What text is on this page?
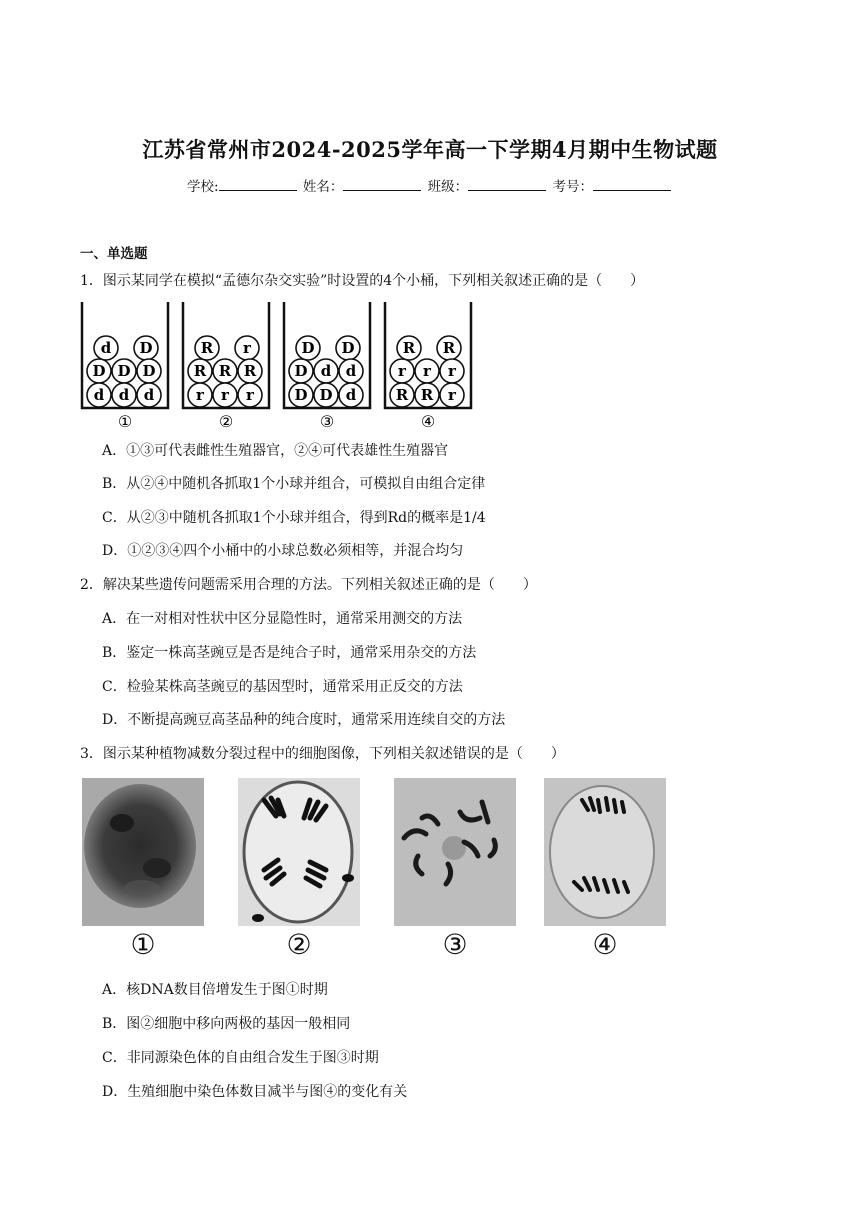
江苏省常州市2024-2025学年高一下学期4月期中生物试题
学校:	姓名：	班级：	考号：
一、单选题
1．图示某同学在模拟“孟德尔杂交实验”时设置的4个小桶，下列相关叙述正确的是（　　）
d D
D D D
d d d
①
R r
R R R
r r r
②
D D
D d d
D D d
③
R R
r r r
R R r
④
A．①③可代表雌性生殖器官，②④可代表雄性生殖器官
B．从②④中随机各抓取1个小球并组合，可模拟自由组合定律
C．从②③中随机各抓取1个小球并组合，得到Rd的概率是1/4
D．①②③④四个小桶中的小球总数必须相等，并混合均匀
2．解决某些遗传问题需采用合理的方法。下列相关叙述正确的是（　　）
A．在一对相对性状中区分显隐性时，通常采用测交的方法
B．鉴定一株高茎豌豆是否是纯合子时，通常采用杂交的方法
C．检验某株高茎豌豆的基因型时，通常采用正反交的方法
D．不断提高豌豆高茎品种的纯合度时，通常采用连续自交的方法
3．图示某种植物减数分裂过程中的细胞图像，下列相关叙述错误的是（　　）
①	②	③	④
A．核DNA数目倍增发生于图①时期
B．图②细胞中移向两极的基因一般相同
C．非同源染色体的自由组合发生于图③时期
D．生殖细胞中染色体数目减半与图④的变化有关
